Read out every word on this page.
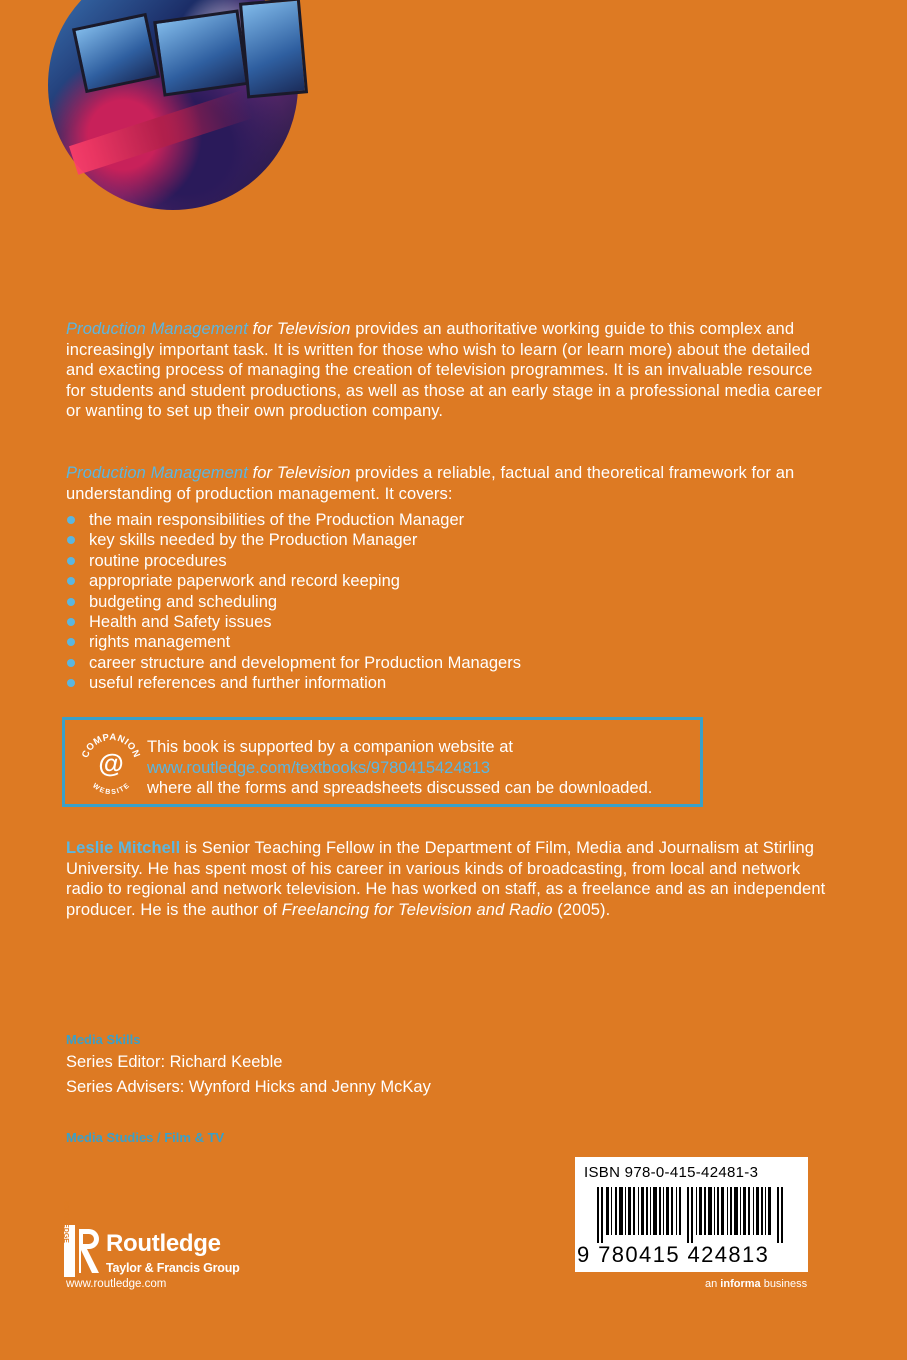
Production Management for Television provides an authoritative working guide to this complex and increasingly important task. It is written for those who wish to learn (or learn more) about the detailed and exacting process of managing the creation of television programmes. It is an invaluable resource for students and student productions, as well as those at an early stage in a professional media career or wanting to set up their own production company.
Production Management for Television provides a reliable, factual and theoretical framework for an understanding of production management. It covers:
the main responsibilities of the Production Manager
key skills needed by the Production Manager
routine procedures
appropriate paperwork and record keeping
budgeting and scheduling
Health and Safety issues
rights management
career structure and development for Production Managers
useful references and further information
COMPANION
WEBSITE
@
This book is supported by a companion website at
www.routledge.com/textbooks/9780415424813
where all the forms and spreadsheets discussed can be downloaded.
Leslie Mitchell is Senior Teaching Fellow in the Department of Film, Media and Journalism at Stirling University. He has spent most of his career in various kinds of broadcasting, from local and network radio to regional and network television. He has worked on staff, as a freelance and as an independent producer. He is the author of Freelancing for Television and Radio (2005).
Media Skills
Series Editor: Richard Keeble
Series Advisers: Wynford Hicks and Jenny McKay
Media Studies / Film & TV
ISBN 978-0-415-42481-3
9 780415 424813
ROUTLEDGE
Routledge
Taylor & Francis Group
www.routledge.com	an informa business
